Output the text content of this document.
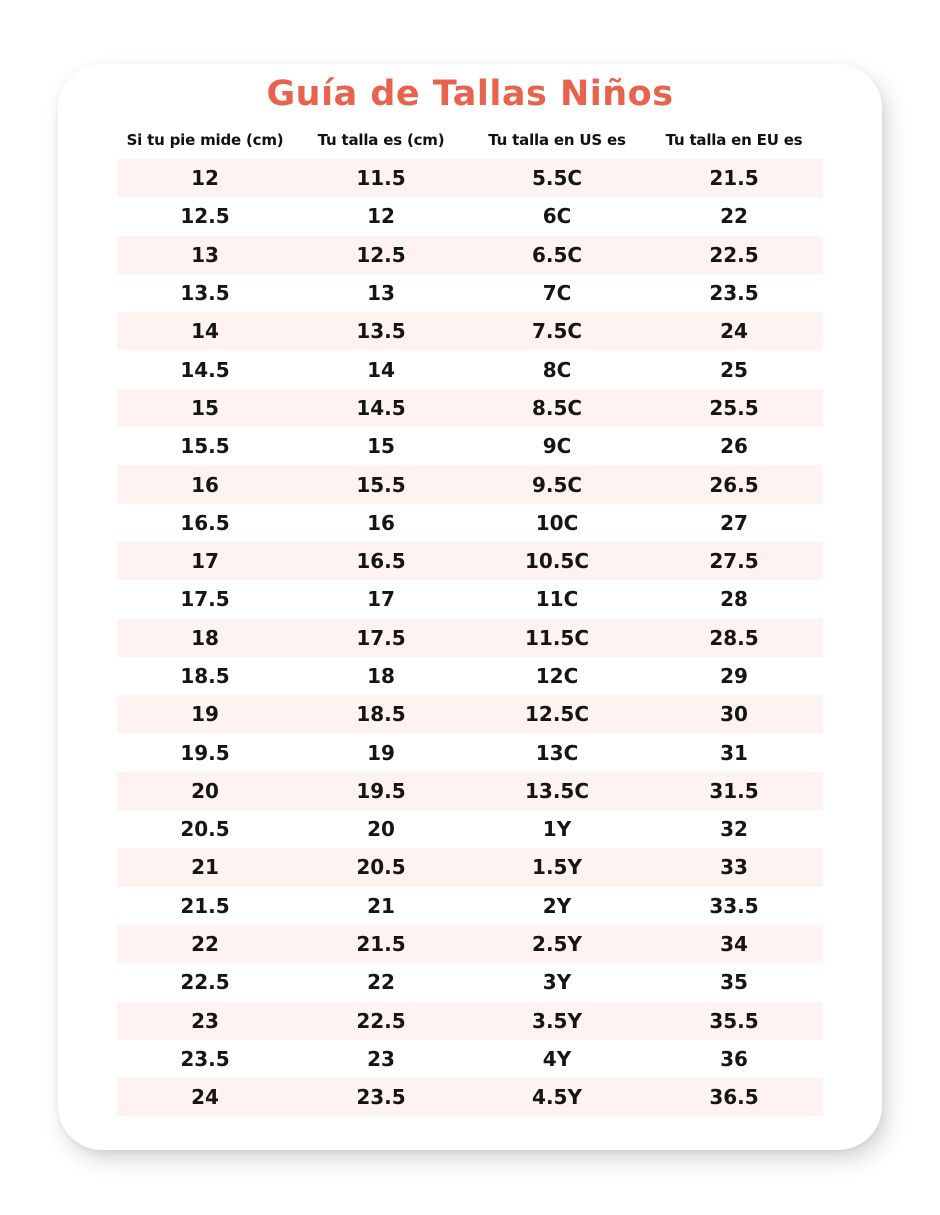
Guía de Tallas Niños
Si tu pie mide (cm)	Tu talla es (cm)	Tu talla en US es	Tu talla en EU es
12	11.5	5.5C	21.5
12.5	12	6C	22
13	12.5	6.5C	22.5
13.5	13	7C	23.5
14	13.5	7.5C	24
14.5	14	8C	25
15	14.5	8.5C	25.5
15.5	15	9C	26
16	15.5	9.5C	26.5
16.5	16	10C	27
17	16.5	10.5C	27.5
17.5	17	11C	28
18	17.5	11.5C	28.5
18.5	18	12C	29
19	18.5	12.5C	30
19.5	19	13C	31
20	19.5	13.5C	31.5
20.5	20	1Y	32
21	20.5	1.5Y	33
21.5	21	2Y	33.5
22	21.5	2.5Y	34
22.5	22	3Y	35
23	22.5	3.5Y	35.5
23.5	23	4Y	36
24	23.5	4.5Y	36.5
